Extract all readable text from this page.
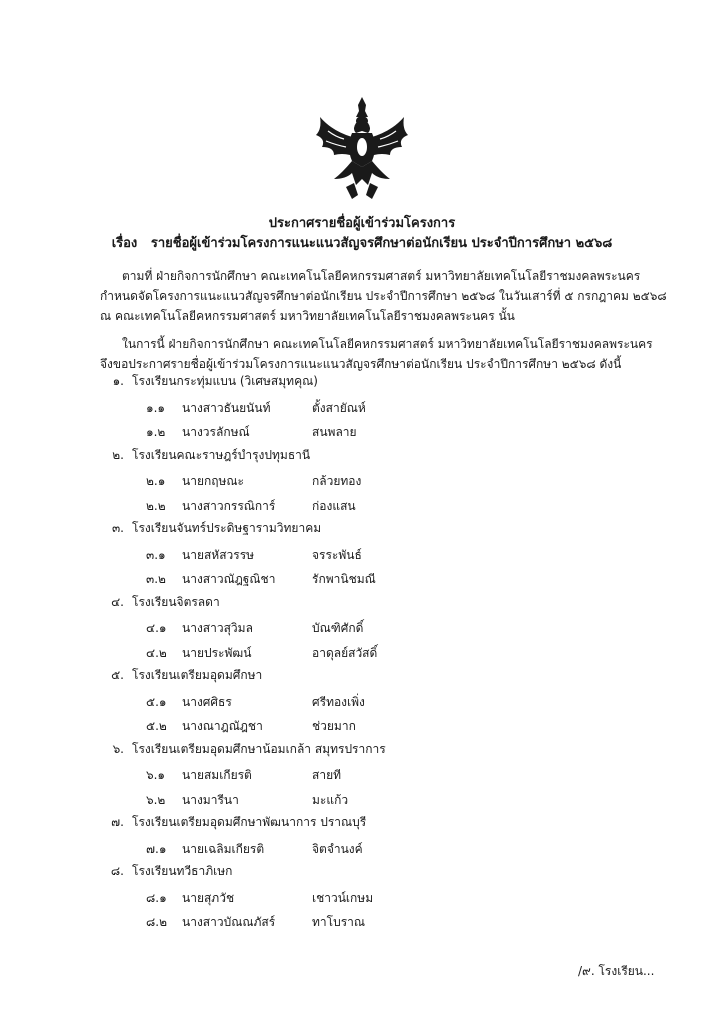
ประกาศรายชื่อผู้เข้าร่วมโครงการ
เรื่อง รายชื่อผู้เข้าร่วมโครงการแนะแนวสัญจรศึกษาต่อนักเรียน ประจำปีการศึกษา ๒๕๖๘
ตามที่ ฝ่ายกิจการนักศึกษา คณะเทคโนโลยีคหกรรมศาสตร์ มหาวิทยาลัยเทคโนโลยีราชมงคลพระนคร
กำหนดจัดโครงการแนะแนวสัญจรศึกษาต่อนักเรียน ประจำปีการศึกษา ๒๕๖๘ ในวันเสาร์ที่ ๕ กรกฎาคม ๒๕๖๘
ณ คณะเทคโนโลยีคหกรรมศาสตร์ มหาวิทยาลัยเทคโนโลยีราชมงคลพระนคร นั้น
ในการนี้ ฝ่ายกิจการนักศึกษา คณะเทคโนโลยีคหกรรมศาสตร์ มหาวิทยาลัยเทคโนโลยีราชมงคลพระนคร
จึงขอประกาศรายชื่อผู้เข้าร่วมโครงการแนะแนวสัญจรศึกษาต่อนักเรียน ประจำปีการศึกษา ๒๕๖๘ ดังนี้
๑. โรงเรียนกระทุ่มแบน (วิเศษสมุทคุณ)
๑.๑ นางสาวธันยนันท์	ตั้งสายัณห์
๑.๒ นางวรลักษณ์	สนพลาย
๒. โรงเรียนคณะราษฎร์บำรุงปทุมธานี
๒.๑ นายกฤษณะ	กล้วยทอง
๒.๒ นางสาวกรรณิการ์	ก่องแสน
๓. โรงเรียนจันทร์ประดิษฐารามวิทยาคม
๓.๑ นายสหัสวรรษ	จรระพันธ์
๓.๒ นางสาวณัฎฐณิชา	รักพานิชมณี
๔. โรงเรียนจิตรลดา
๔.๑ นางสาวสุวิมล	บัณฑิศักดิ์
๔.๒ นายประพัฒน์	อาดุลย์สวัสดิ์
๕. โรงเรียนเตรียมอุดมศึกษา
๕.๑ นางศศิธร	ศรีทองเพิ่ง
๕.๒ นางณาฎณัฎชา	ช่วยมาก
๖. โรงเรียนเตรียมอุดมศึกษาน้อมเกล้า สมุทรปราการ
๖.๑ นายสมเกียรติ	สายที
๖.๒ นางมารีนา	มะแก้ว
๗. โรงเรียนเตรียมอุดมศึกษาพัฒนาการ ปราณบุรี
๗.๑ นายเฉลิมเกียรติ	จิตจำนงค์
๘. โรงเรียนทวีธาภิเษก
๘.๑ นายสุภวัช	เชาวน์เกษม
๘.๒ นางสาวบัณณภัสร์	ทาโบราณ
/๙. โรงเรียน...
